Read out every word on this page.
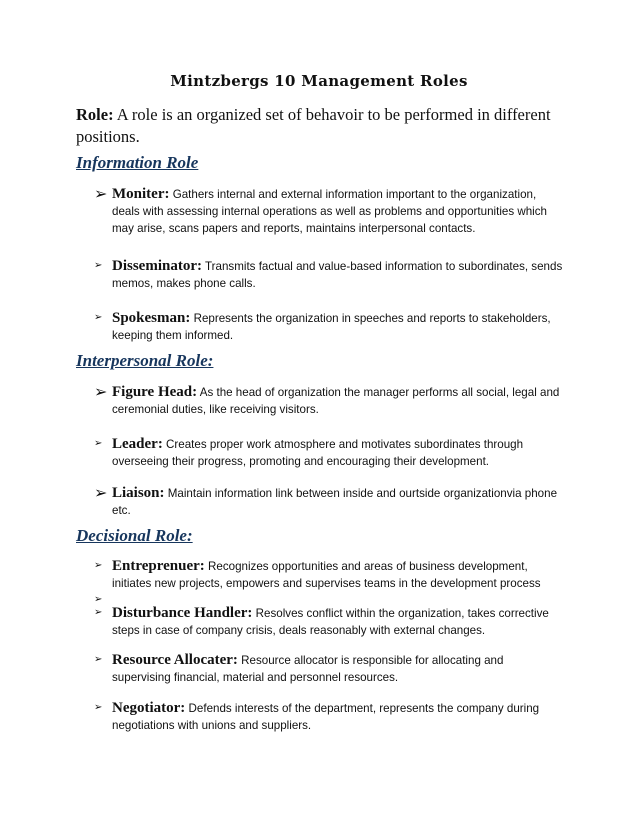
Mintzbergs 10 Management Roles
Role: A role is an organized set of behavoir to be performed in different positions.
Information Role
➢ Moniter: Gathers internal and external information important to the organization, deals with assessing internal operations as well as problems and opportunities which may arise, scans papers and reports, maintains interpersonal contacts.
➢ Disseminator: Transmits factual and value-based information to subordinates, sends memos, makes phone calls.
➢ Spokesman: Represents the organization in speeches and reports to stakeholders, keeping them informed.
Interpersonal Role:
➢ Figure Head: As the head of organization the manager performs all social, legal and ceremonial duties, like receiving visitors.
➢ Leader: Creates proper work atmosphere and motivates subordinates through overseeing their progress, promoting and encouraging their development.
➢ Liaison: Maintain information link between inside and ourtside organizationvia phone etc.
Decisional Role:
➢ Entreprenuer: Recognizes opportunities and areas of business development, initiates new projects, empowers and supervises teams in the development process
➢
➢ Disturbance Handler: Resolves conflict within the organization, takes corrective steps in case of company crisis, deals reasonably with external changes.
➢ Resource Allocater: Resource allocator is responsible for allocating and supervising financial, material and personnel resources.
➢ Negotiator: Defends interests of the department, represents the company during negotiations with unions and suppliers.
